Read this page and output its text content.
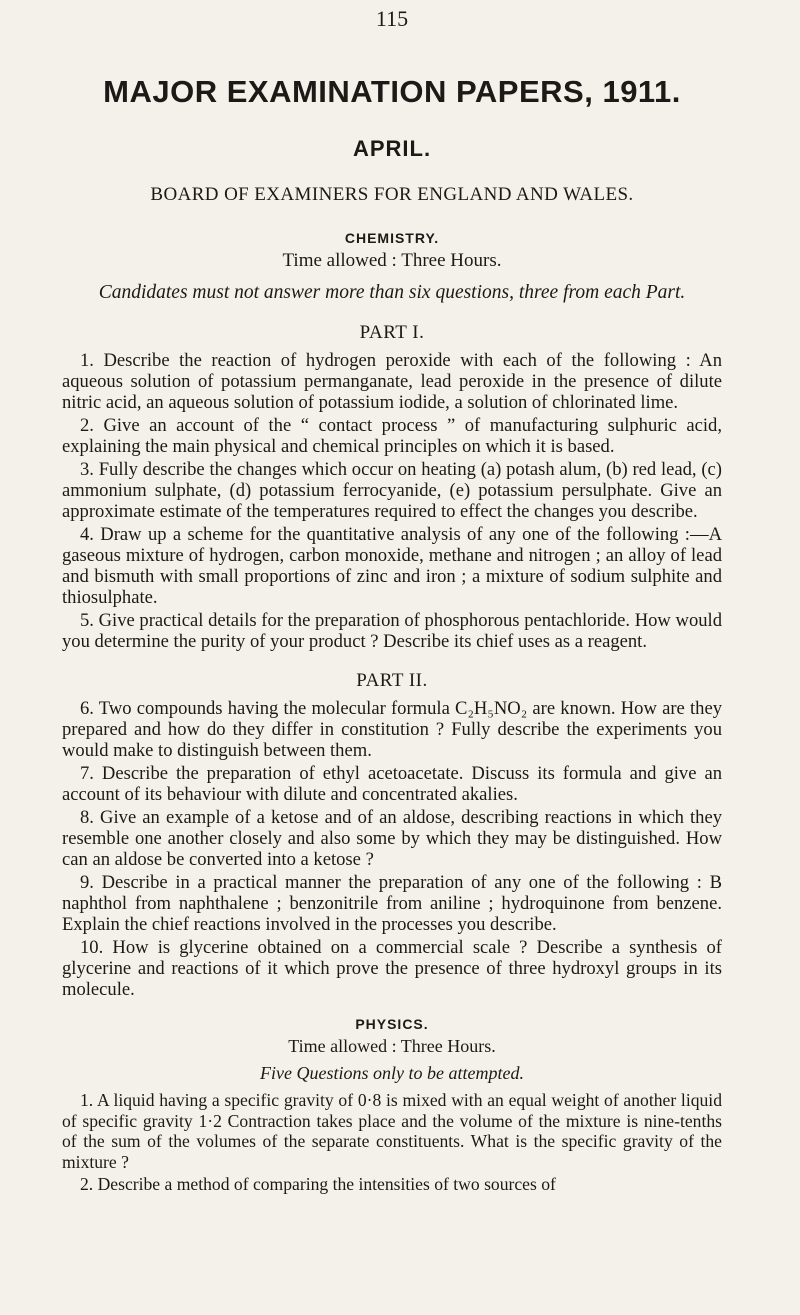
115
MAJOR EXAMINATION PAPERS, 1911.
APRIL.
BOARD OF EXAMINERS FOR ENGLAND AND WALES.
CHEMISTRY.
Time allowed : Three Hours.
Candidates must not answer more than six questions, three from each Part.
PART I.
1. Describe the reaction of hydrogen peroxide with each of the following : An aqueous solution of potassium permanganate, lead peroxide in the presence of dilute nitric acid, an aqueous solution of potassium iodide, a solution of chlorinated lime.
2. Give an account of the “ contact process ” of manufacturing sulphuric acid, explaining the main physical and chemical principles on which it is based.
3. Fully describe the changes which occur on heating (a) potash alum, (b) red lead, (c) ammonium sulphate, (d) potassium ferrocyanide, (e) potassium persulphate. Give an approximate estimate of the temperatures required to effect the changes you describe.
4. Draw up a scheme for the quantitative analysis of any one of the following :—A gaseous mixture of hydrogen, carbon monoxide, methane and nitrogen ; an alloy of lead and bismuth with small proportions of zinc and iron ; a mixture of sodium sulphite and thiosulphate.
5. Give practical details for the preparation of phosphorous pentachloride. How would you determine the purity of your product ? Describe its chief uses as a reagent.
PART II.
6. Two compounds having the molecular formula C₂H₅NO₂ are known. How are they prepared and how do they differ in constitution ? Fully describe the experiments you would make to distinguish between them.
7. Describe the preparation of ethyl acetoacetate. Discuss its formula and give an account of its behaviour with dilute and concentrated akalies.
8. Give an example of a ketose and of an aldose, describing reactions in which they resemble one another closely and also some by which they may be distinguished. How can an aldose be converted into a ketose ?
9. Describe in a practical manner the preparation of any one of the following : B naphthol from naphthalene ; benzonitrile from aniline ; hydroquinone from benzene. Explain the chief reactions involved in the processes you describe.
10. How is glycerine obtained on a commercial scale ? Describe a synthesis of glycerine and reactions of it which prove the presence of three hydroxyl groups in its molecule.
PHYSICS.
Time allowed : Three Hours.
Five Questions only to be attempted.
1. A liquid having a specific gravity of 0·8 is mixed with an equal weight of another liquid of specific gravity 1·2 Contraction takes place and the volume of the mixture is nine-tenths of the sum of the volumes of the separate constituents. What is the specific gravity of the mixture ?
2. Describe a method of comparing the intensities of two sources of
